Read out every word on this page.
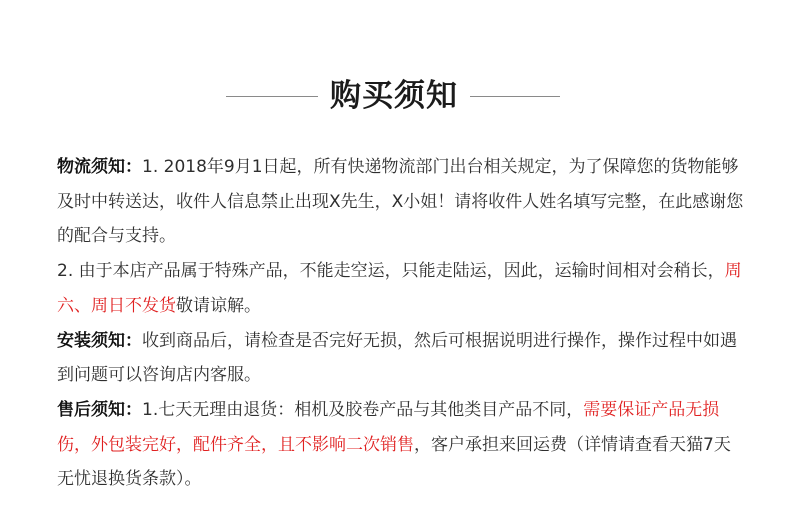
购买须知

物流须知：1. 2018年9月1日起，所有快递物流部门出台相关规定，为了保障您的货物能够及时中转送达，收件人信息禁止出现X先生，X小姐！请将收件人姓名填写完整，在此感谢您的配合与支持。

2. 由于本店产品属于特殊产品，不能走空运，只能走陆运，因此，运输时间相对会稍长，周六、周日不发货敬请谅解。

安装须知：收到商品后，请检查是否完好无损，然后可根据说明进行操作，操作过程中如遇到问题可以咨询店内客服。

售后须知：1.七天无理由退货：相机及胶卷产品与其他类目产品不同，需要保证产品无损伤，外包装完好，配件齐全，且不影响二次销售，客户承担来回运费（详情请查看天猫7天无忧退换货条款）。
